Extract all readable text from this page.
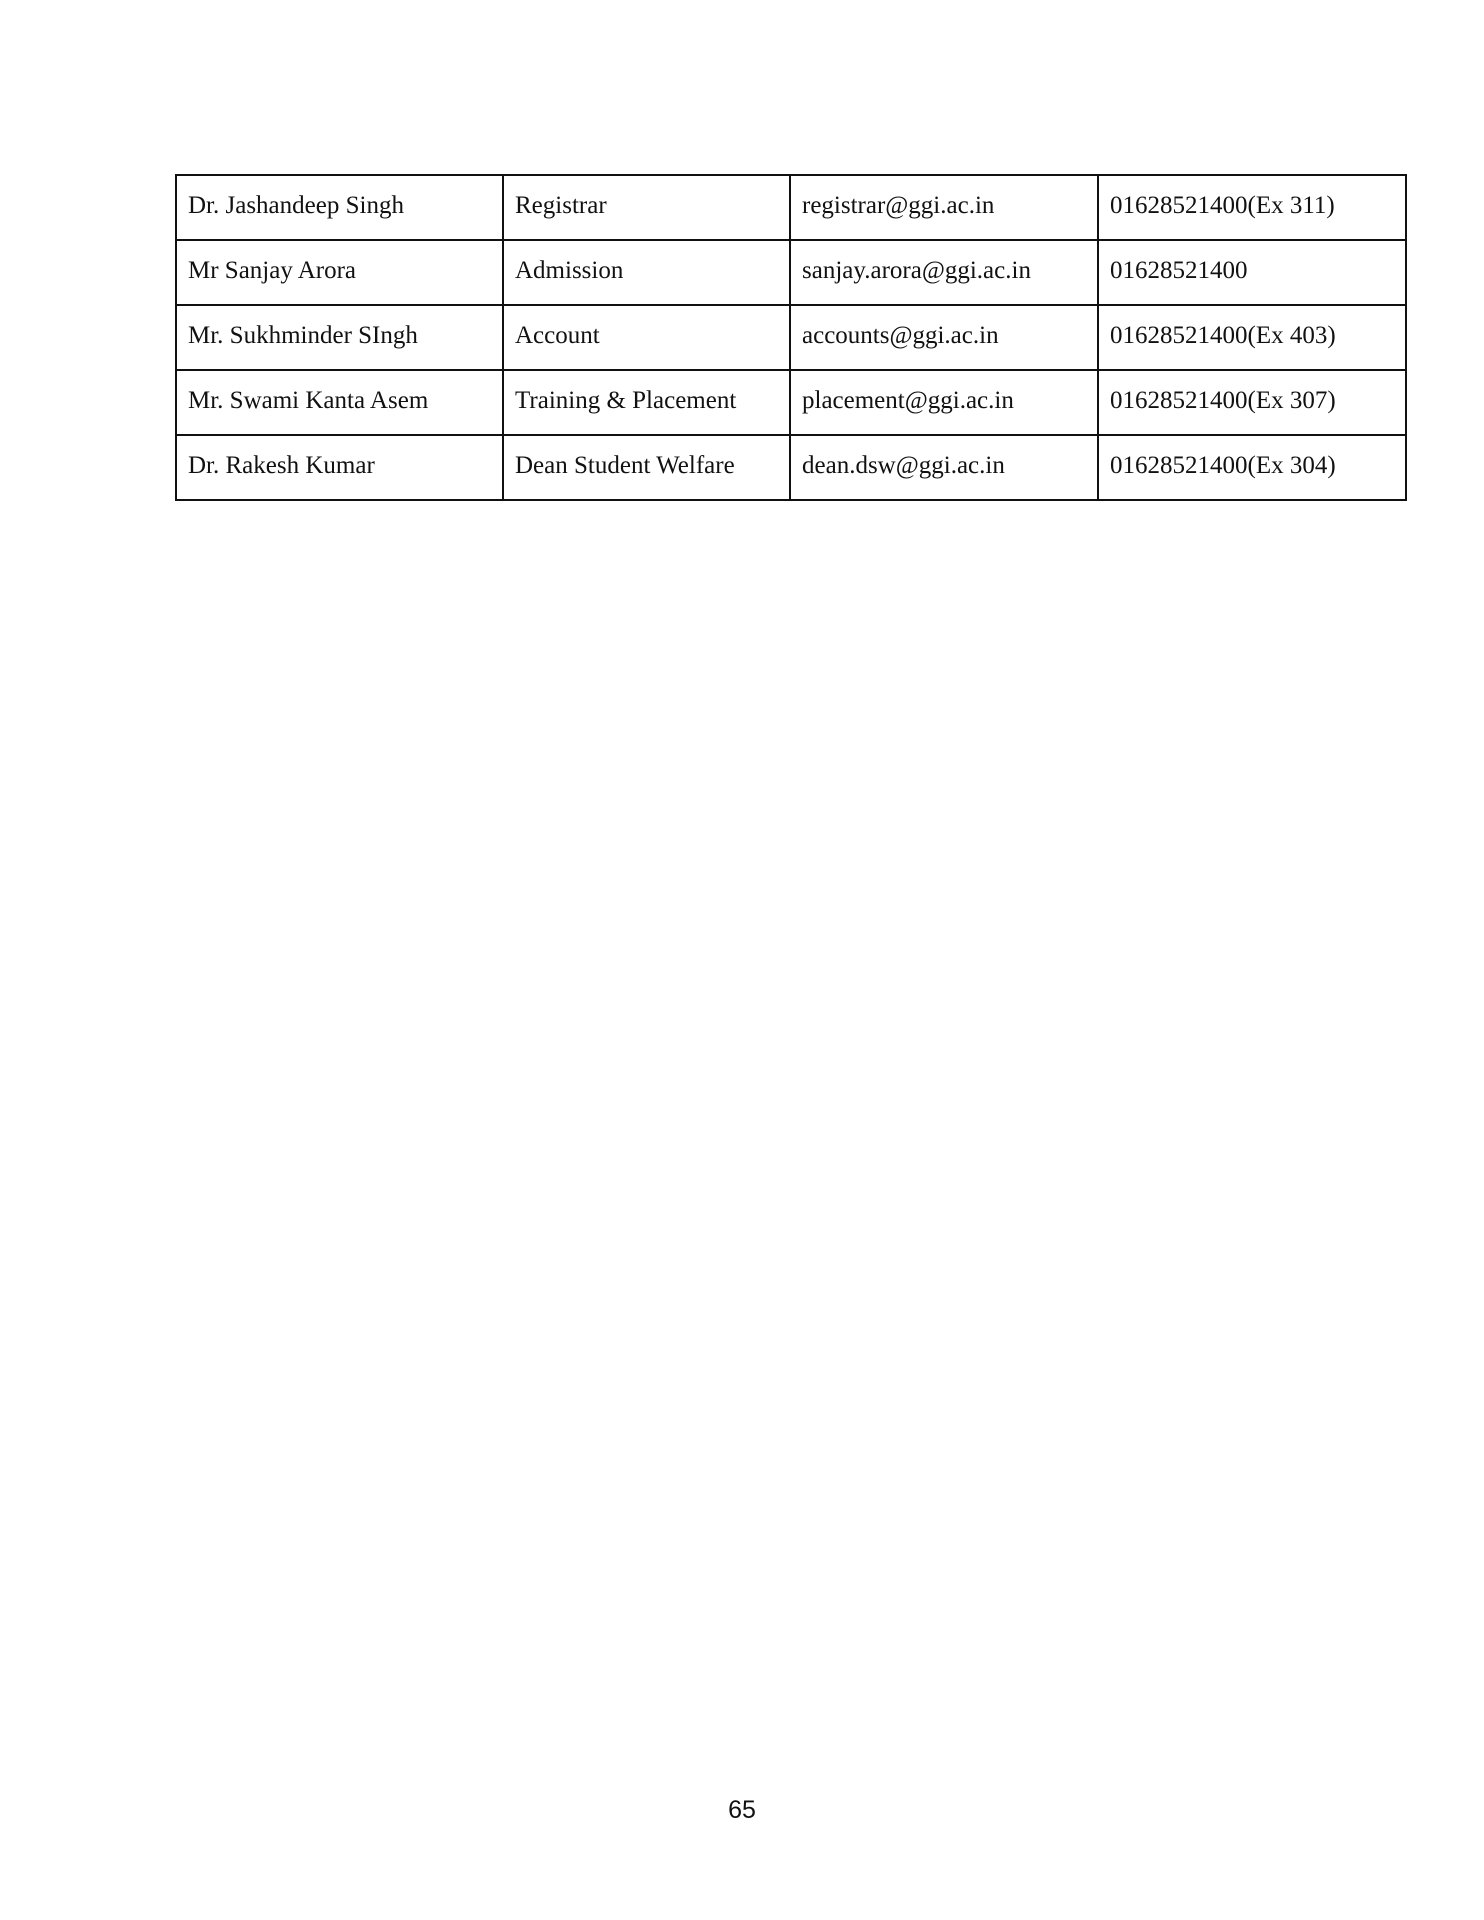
Dr. Jashandeep Singh	Registrar	registrar@ggi.ac.in	01628521400(Ex 311)
Mr Sanjay Arora	Admission	sanjay.arora@ggi.ac.in	01628521400
Mr. Sukhminder SIngh	Account	accounts@ggi.ac.in	01628521400(Ex 403)
Mr. Swami Kanta Asem	Training & Placement	placement@ggi.ac.in	01628521400(Ex 307)
Dr. Rakesh Kumar	Dean Student Welfare	dean.dsw@ggi.ac.in	01628521400(Ex 304)
65
